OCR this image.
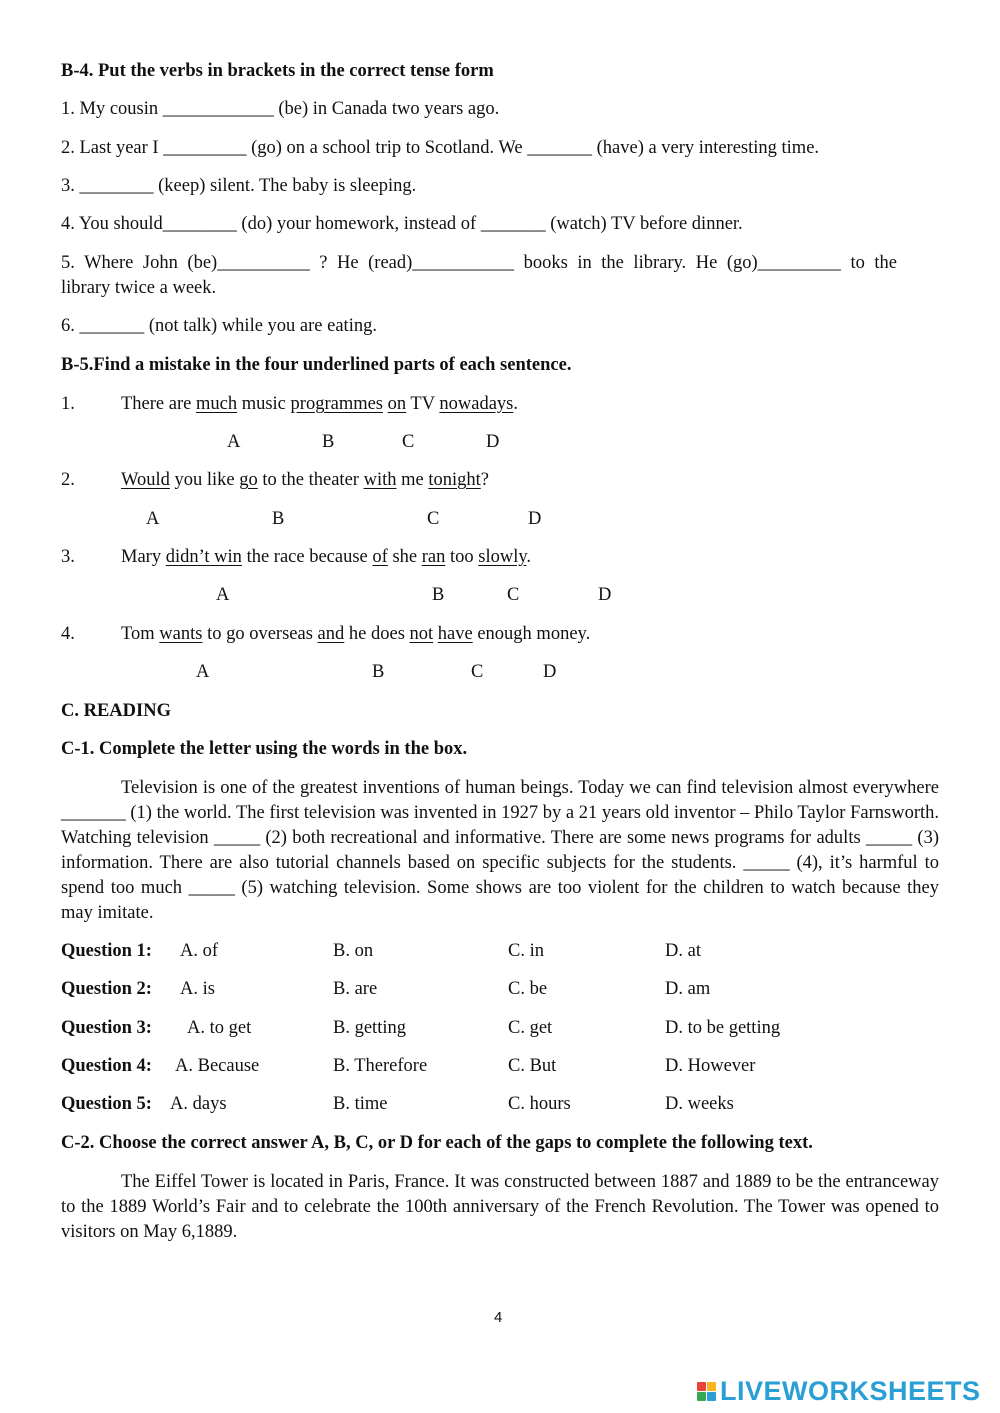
B-4. Put the verbs in brackets in the correct tense form
1. My cousin ____________ (be) in Canada two years ago.
2. Last year I _________ (go) on a school trip to Scotland. We _______ (have) a very interesting time.
3. ________ (keep) silent. The baby is sleeping.
4. You should________ (do) your homework, instead of _______ (watch) TV before dinner.
5. Where John (be)__________ ? He (read)___________ books in the library. He (go)_________ to the
library twice a week.
6. _______ (not talk) while you are eating.
B-5.Find a mistake in the four underlined parts of each sentence.
1. There are much music programmes on TV nowadays.
A	B	C	D
2. Would you like go to the theater with me tonight?
A	B	C	D
3. Mary didn’t win the race because of she ran too slowly.
A	B	C	D
4. Tom wants to go overseas and he does not have enough money.
A	B	C	D
C. READING
C-1. Complete the letter using the words in the box.
Television is one of the greatest inventions of human beings. Today we can find television almost everywhere _______ (1) the world. The first television was invented in 1927 by a 21 years old inventor – Philo Taylor Farnsworth. Watching television _____ (2) both recreational and informative. There are some news programs for adults _____ (3) information. There are also tutorial channels based on specific subjects for the students. _____ (4), it’s harmful to spend too much _____ (5) watching television. Some shows are too violent for the children to watch because they may imitate.
Question 1: A. of	B. on	C. in	D. at
Question 2: A. is	B. are	C. be	D. am
Question 3: A. to get	B. getting	C. get	D. to be getting
Question 4: A. Because	B. Therefore	C. But	D. However
Question 5: A. days	B. time	C. hours	D. weeks
C-2. Choose the correct answer A, B, C, or D for each of the gaps to complete the following text.
The Eiffel Tower is located in Paris, France. It was constructed between 1887 and 1889 to be the entranceway to the 1889 World’s Fair and to celebrate the 100th anniversary of the French Revolution. The Tower was opened to visitors on May 6,1889.
4
LIVEWORKSHEETS
